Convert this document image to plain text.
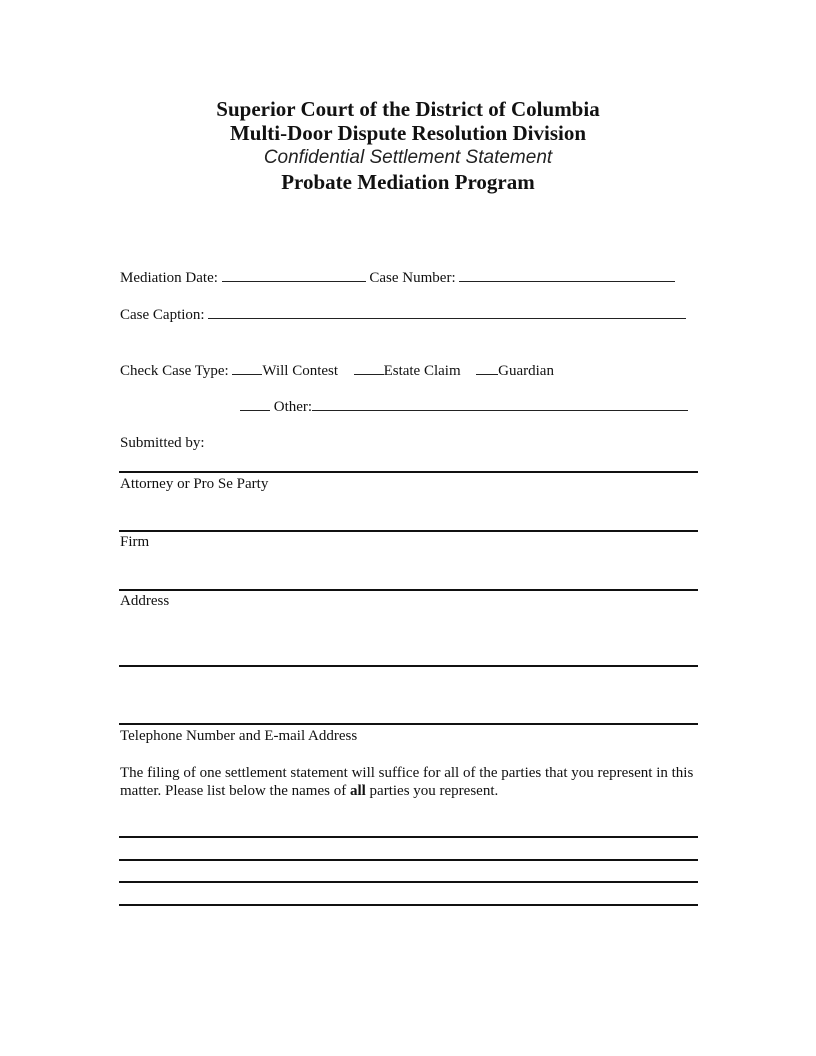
Superior Court of the District of Columbia
Multi-Door Dispute Resolution Division
Confidential Settlement Statement
Probate Mediation Program
Mediation Date:	Case Number:
Case Caption:
Check Case Type: Will Contest	Estate Claim	Guardian
Other:
Submitted by:
Attorney or Pro Se Party
Firm
Address
Telephone Number and E-mail Address
The filing of one settlement statement will suffice for all of the parties that you represent in this matter. Please list below the names of all parties you represent.
